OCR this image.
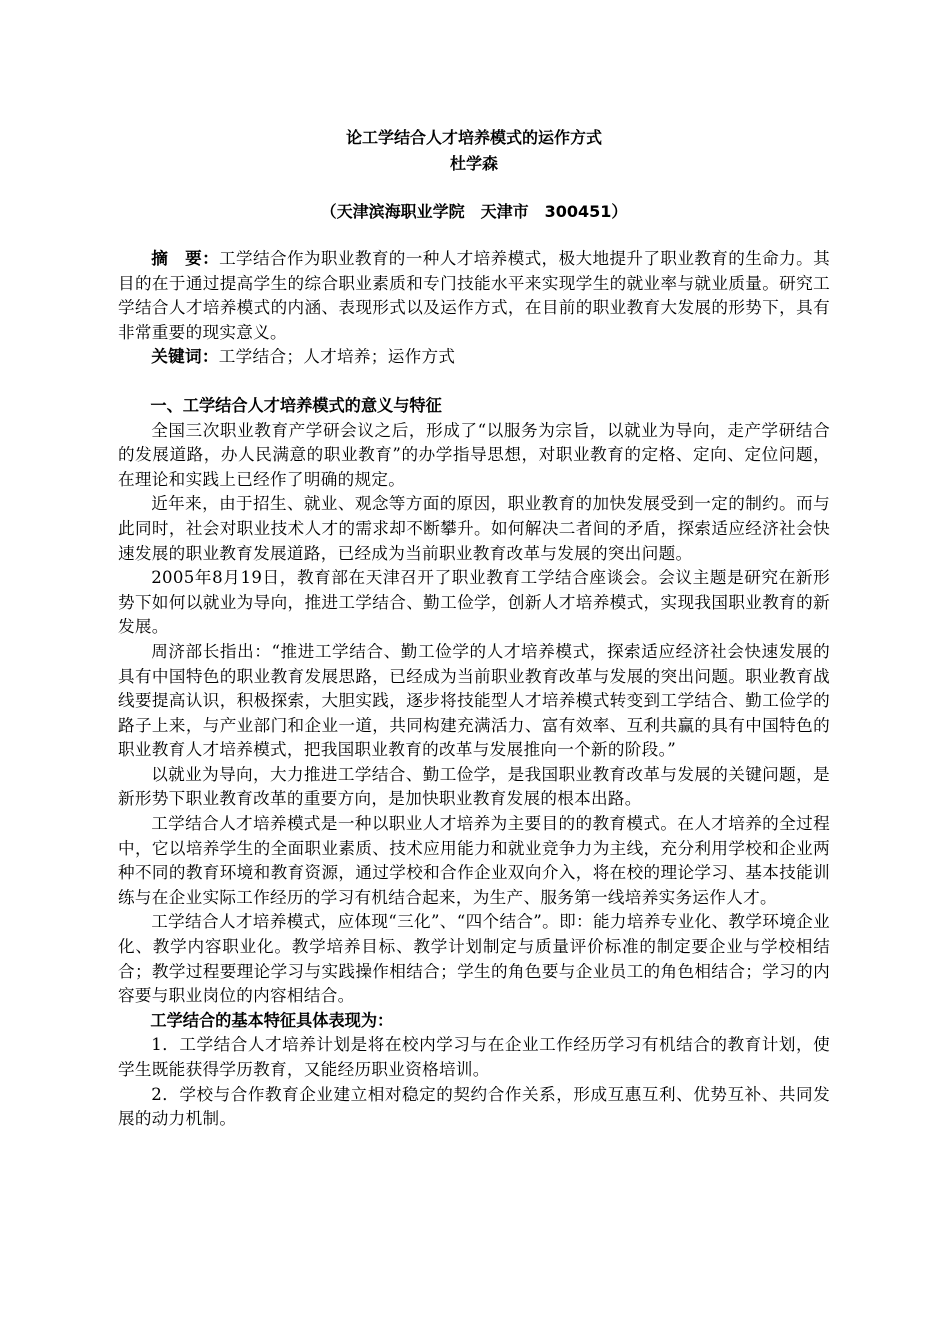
论工学结合人才培养模式的运作方式
杜学森
（天津滨海职业学院　天津市　300451）

摘　要：工学结合作为职业教育的一种人才培养模式，极大地提升了职业教育的生命力。其目的在于通过提高学生的综合职业素质和专门技能水平来实现学生的就业率与就业质量。研究工学结合人才培养模式的内涵、表现形式以及运作方式，在目前的职业教育大发展的形势下，具有非常重要的现实意义。

关键词：工学结合；人才培养；运作方式

一、工学结合人才培养模式的意义与特征

全国三次职业教育产学研会议之后，形成了“以服务为宗旨，以就业为导向，走产学研结合的发展道路，办人民满意的职业教育”的办学指导思想，对职业教育的定格、定向、定位问题，在理论和实践上已经作了明确的规定。

近年来，由于招生、就业、观念等方面的原因，职业教育的加快发展受到一定的制约。而与此同时，社会对职业技术人才的需求却不断攀升。如何解决二者间的矛盾，探索适应经济社会快速发展的职业教育发展道路，已经成为当前职业教育改革与发展的突出问题。

2005年8月19日，教育部在天津召开了职业教育工学结合座谈会。会议主题是研究在新形势下如何以就业为导向，推进工学结合、勤工俭学，创新人才培养模式，实现我国职业教育的新发展。

周济部长指出：“推进工学结合、勤工俭学的人才培养模式，探索适应经济社会快速发展的具有中国特色的职业教育发展思路，已经成为当前职业教育改革与发展的突出问题。职业教育战线要提高认识，积极探索，大胆实践，逐步将技能型人才培养模式转变到工学结合、勤工俭学的路子上来，与产业部门和企业一道，共同构建充满活力、富有效率、互利共赢的具有中国特色的职业教育人才培养模式，把我国职业教育的改革与发展推向一个新的阶段。”

以就业为导向，大力推进工学结合、勤工俭学，是我国职业教育改革与发展的关键问题，是新形势下职业教育改革的重要方向，是加快职业教育发展的根本出路。

工学结合人才培养模式是一种以职业人才培养为主要目的的教育模式。在人才培养的全过程中，它以培养学生的全面职业素质、技术应用能力和就业竞争力为主线，充分利用学校和企业两种不同的教育环境和教育资源，通过学校和合作企业双向介入，将在校的理论学习、基本技能训练与在企业实际工作经历的学习有机结合起来，为生产、服务第一线培养实务运作人才。

工学结合人才培养模式，应体现“三化”、“四个结合”。即：能力培养专业化、教学环境企业化、教学内容职业化。教学培养目标、教学计划制定与质量评价标准的制定要企业与学校相结合；教学过程要理论学习与实践操作相结合；学生的角色要与企业员工的角色相结合；学习的内容要与职业岗位的内容相结合。

工学结合的基本特征具体表现为：

1．工学结合人才培养计划是将在校内学习与在企业工作经历学习有机结合的教育计划，使学生既能获得学历教育，又能经历职业资格培训。

2．学校与合作教育企业建立相对稳定的契约合作关系，形成互惠互利、优势互补、共同发展的动力机制。
